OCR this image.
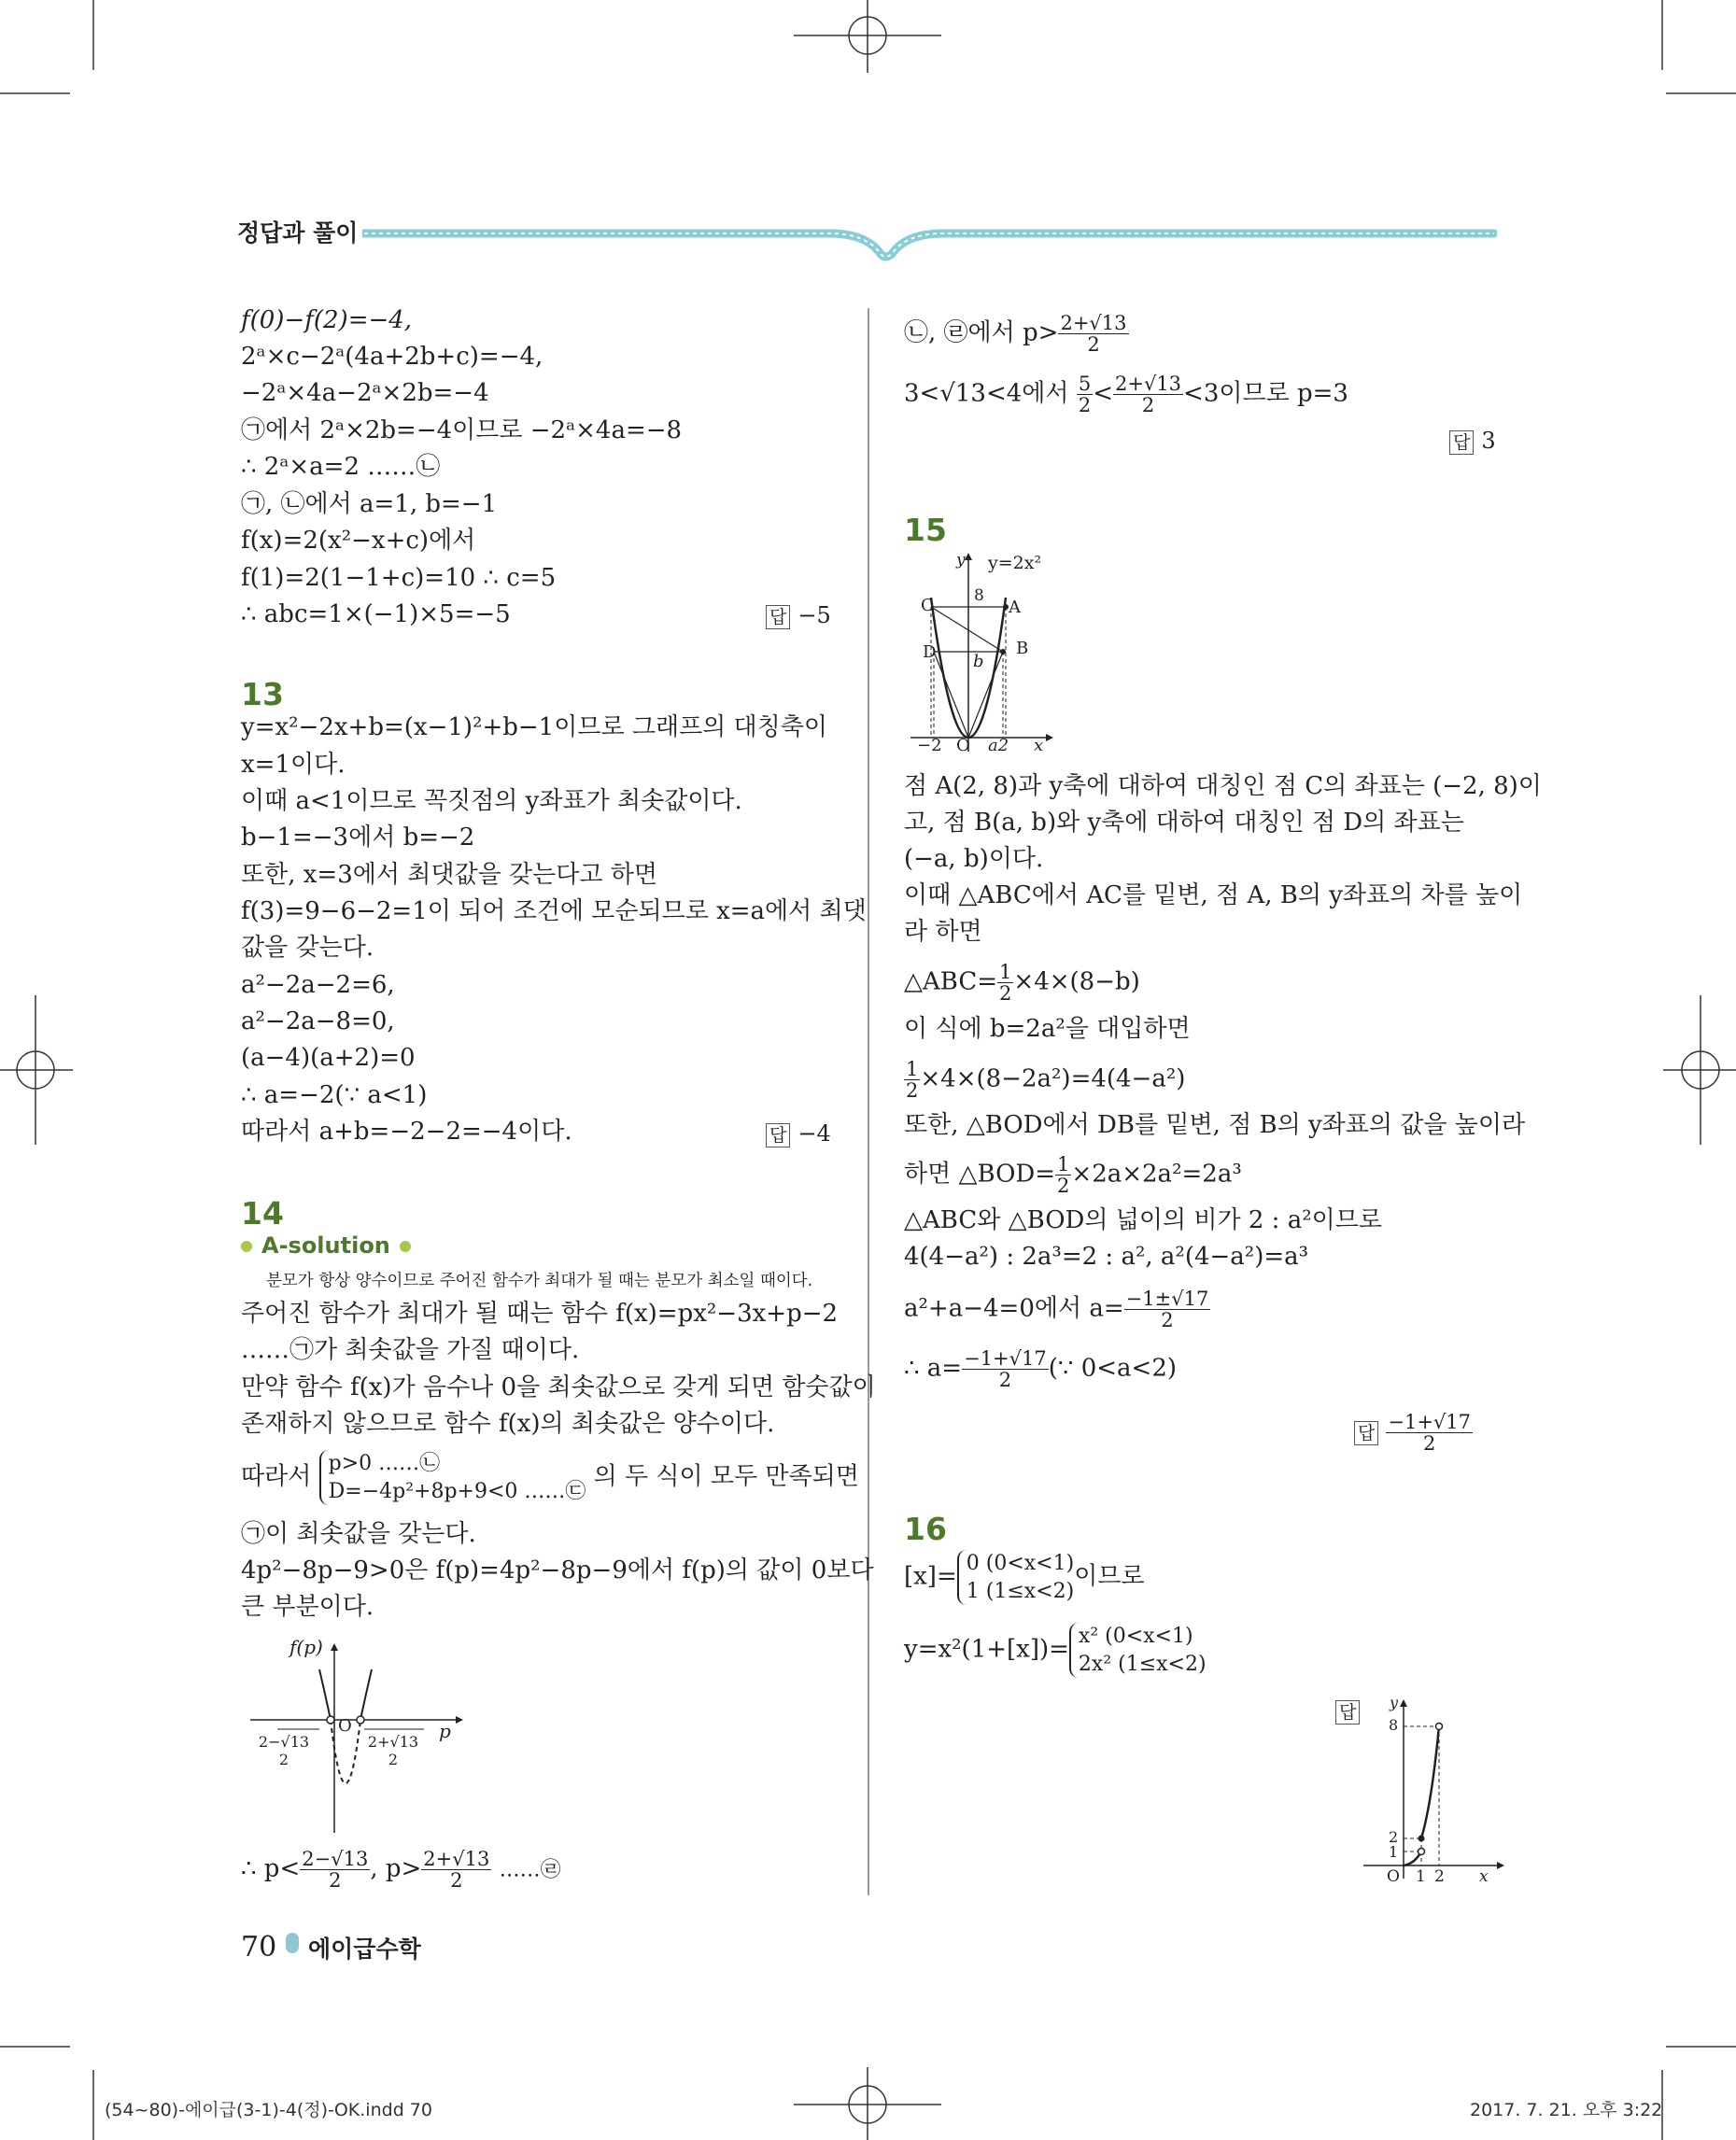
정답과 풀이
f(0)−f(2)=−4,
2ᵃ×c−2ᵃ(4a+2b+c)=−4,
−2ᵃ×4a−2ᵃ×2b=−4
㉠에서 2ᵃ×2b=−4이므로 −2ᵃ×4a=−8
∴ 2ᵃ×a=2 ……㉡
㉠, ㉡에서 a=1, b=−1
f(x)=2(x²−x+c)에서
f(1)=2(1−1+c)=10 ∴ c=5
∴ abc=1×(−1)×5=−5	답 −5
13
y=x²−2x+b=(x−1)²+b−1이므로 그래프의 대칭축이
x=1이다.
이때 a<1이므로 꼭짓점의 y좌표가 최솟값이다.
b−1=−3에서 b=−2
또한, x=3에서 최댓값을 갖는다고 하면
f(3)=9−6−2=1이 되어 조건에 모순되므로 x=a에서 최댓
값을 갖는다.
a²−2a−2=6,
a²−2a−8=0,
(a−4)(a+2)=0
∴ a=−2(∵ a<1)
따라서 a+b=−2−2=−4이다.	답 −4
14
A-solution
분모가 항상 양수이므로 주어진 함수가 최대가 될 때는 분모가 최소일 때이다.
주어진 함수가 최대가 될 때는 함수 f(x)=px²−3x+p−2
……㉠가 최솟값을 가질 때이다.
만약 함수 f(x)가 음수나 0을 최솟값으로 갖게 되면 함숫값이
존재하지 않으므로 함수 f(x)의 최솟값은 양수이다.
따라서 p>0 ……㉡
D=−4p²+8p+9<0 ……㉢
의 두 식이 모두 만족되면
㉠이 최솟값을 갖는다.
4p²−8p−9>0은 f(p)=4p²−8p−9에서 f(p)의 값이 0보다
큰 부분이다.
f(p)
p
O
2−√13
2
2+√13
2
∴ $p< \frac{2-√13}{2}$ , $p> \frac{2+√13}{2}$ ……㉣
㉡, ㉣에서 $p> \frac{2+√13}{2}$
3<√13<4에서 $\frac{5}{2} < \frac{2+√13}{2} <3$이므로 p=3
답 3
15
y y=2x²
C	8
A
D b
B
−2 O a2 x
점 A(2, 8)과 y축에 대하여 대칭인 점 C의 좌표는 (−2, 8)이
고, 점 B(a, b)와 y축에 대하여 대칭인 점 D의 좌표는
(−a, b)이다.
이때 △ABC에서 AC를 밑변, 점 A, B의 y좌표의 차를 높이
라 하면
△ABC= $\frac{1}{2} \times 4\times(8-b)$
이 식에 b=2a²을 대입하면
$\frac{1}{2} \times 4\times(8-2a^2)=4(4-a^2)$
또한, △BOD에서 DB를 밑변, 점 B의 y좌표의 값을 높이라
하면 △BOD= $\frac{1}{2} \times 2a\times 2a^2=2a^3$
△ABC와 △BOD의 넓이의 비가 2 : a²이므로
4(4−a²) : 2a³=2 : a², a²(4−a²)=a³
a²+a−4=0에서 $a= \frac{-1\pm√17}{2}$
∴ $a= \frac{-1+√17}{2}$ (∵ 0<a<2)
답 $\frac{-1+√17}{2}$
16
[x]= 0 (0<x<1)
1 (1≤x<2)
이므로
y=x²(1+[x])= x² (0<x<1)
2x² (1≤x<2)
답	y
8
2
1
O 1 2 x
70 에이급수학
(54~80)-에이급(3-1)-4(정)-OK.indd 70	2017. 7. 21. 오후 3:22
